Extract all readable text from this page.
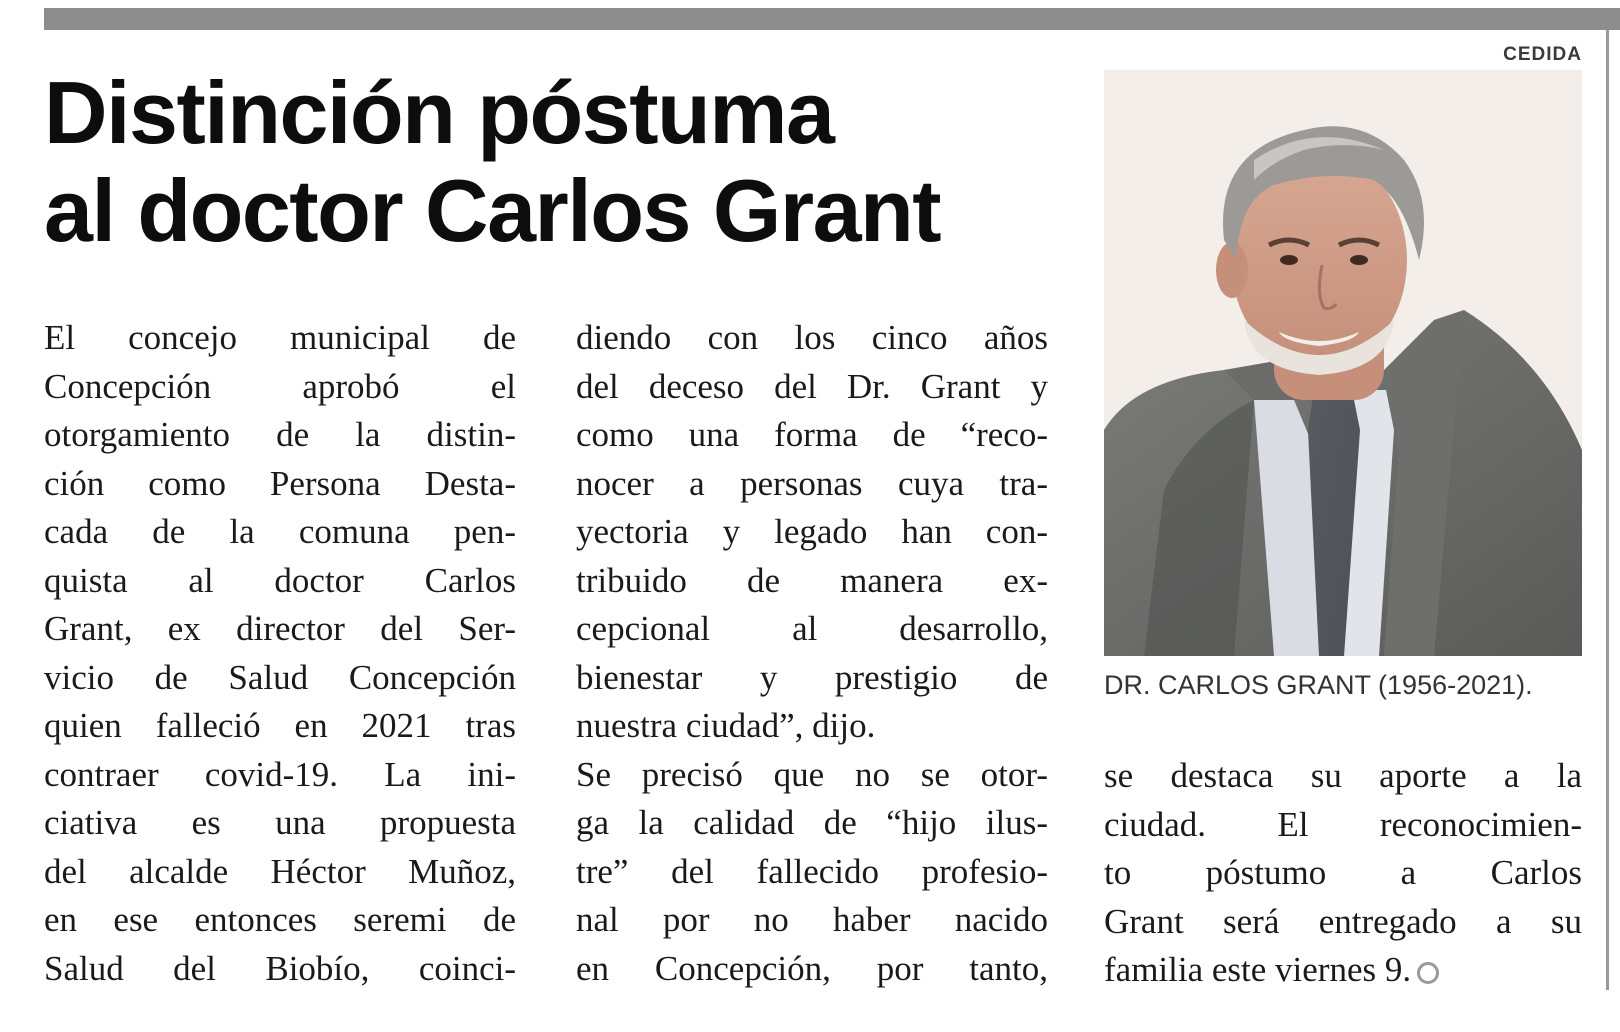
CEDIDA
Distinción póstuma
al doctor Carlos Grant
El concejo municipal de
Concepción aprobó el
otorgamiento de la distin-
ción como Persona Desta-
cada de la comuna pen-
quista al doctor Carlos
Grant, ex director del Ser-
vicio de Salud Concepción
quien falleció en 2021 tras
contraer covid-19. La ini-
ciativa es una propuesta
del alcalde Héctor Muñoz,
en ese entonces seremi de
Salud del Biobío, coinci-
diendo con los cinco años
del deceso del Dr. Grant y
como una forma de “reco-
nocer a personas cuya tra-
yectoria y legado han con-
tribuido de manera ex-
cepcional al desarrollo,
bienestar y prestigio de
nuestra ciudad”, dijo.
Se precisó que no se otor-
ga la calidad de “hijo ilus-
tre” del fallecido profesio-
nal por no haber nacido
en Concepción, por tanto,
se destaca su aporte a la
ciudad. El reconocimien-
to póstumo a Carlos
Grant será entregado a su
familia este viernes 9.
DR. CARLOS GRANT (1956-2021).
